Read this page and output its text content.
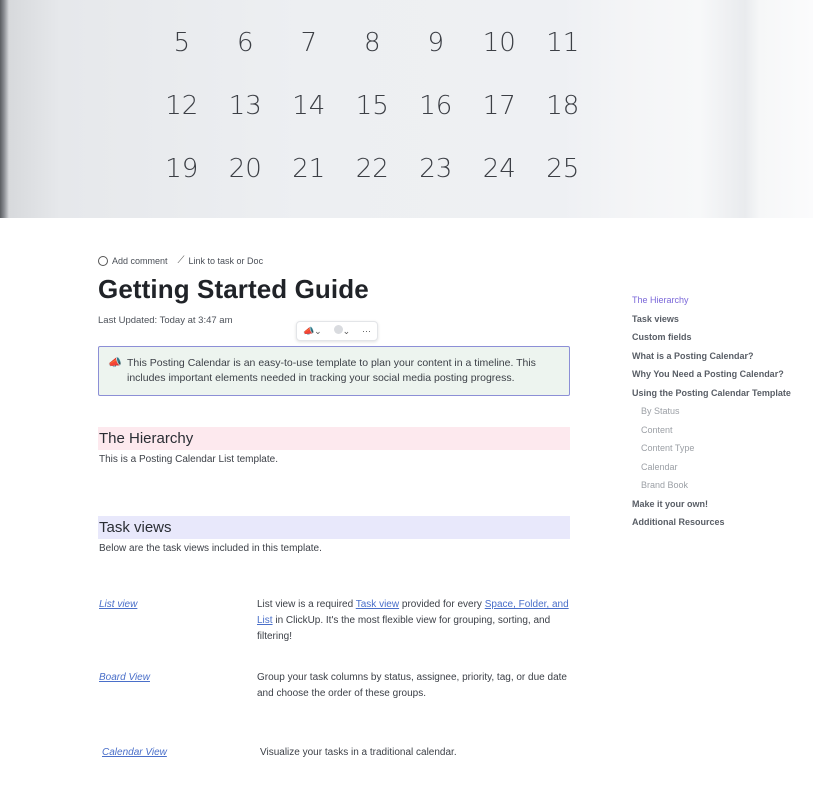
5	6	7	8	9	10	11
12	13	14	15	16	17	18
19	20	21	22	23	24	25
Add comment ⟋ Link to task or Doc
Getting Started Guide
Last Updated: Today at 3:47 am
📣⌄	⌄ ···
📣 This Posting Calendar is an easy-to-use template to plan your content in a timeline. This includes important elements needed in tracking your social media posting progress.
The Hierarchy

This is a Posting Calendar List template.

Task views

Below are the task views included in this template.

List view	List view is a required Task view provided for every Space, Folder, and List in ClickUp. It's the most flexible view for grouping, sorting, and filtering!

Board View	Group your task columns by status, assignee, priority, tag, or due date and choose the order of these groups.

Calendar View	Visualize your tasks in a traditional calendar.

The Hierarchy
Task views
Custom fields
What is a Posting Calendar?
Why You Need a Posting Calendar?
Using the Posting Calendar Template
By Status
Content
Content Type
Calendar
Brand Book
Make it your own!
Additional Resources
